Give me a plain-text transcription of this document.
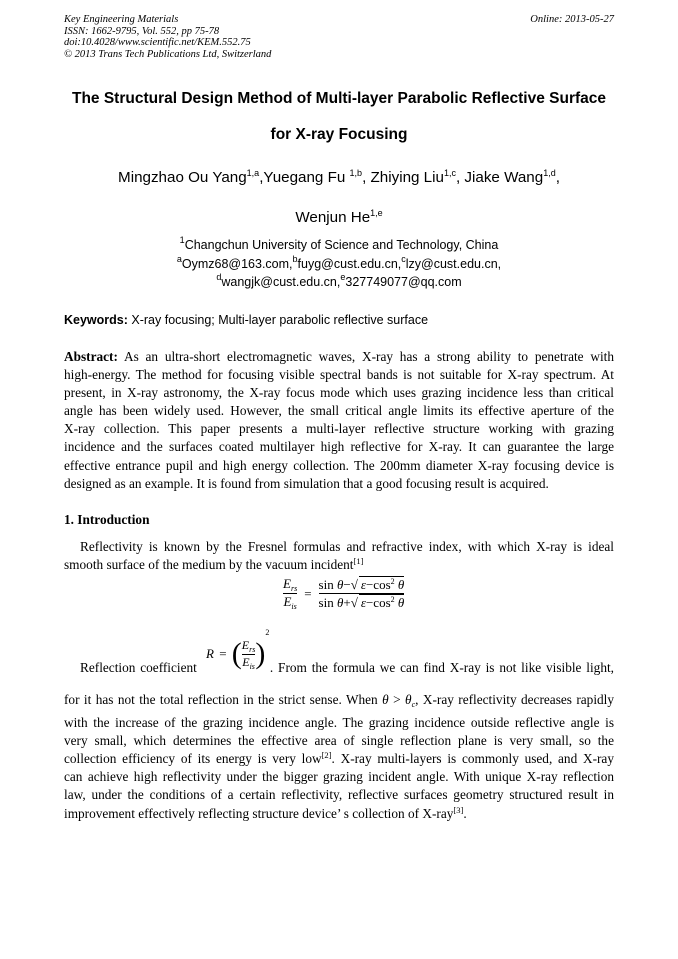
Key Engineering Materials
ISSN: 1662-9795, Vol. 552, pp 75-78
doi:10.4028/www.scientific.net/KEM.552.75
© 2013 Trans Tech Publications Ltd, Switzerland
Online: 2013-05-27
The Structural Design Method of Multi-layer Parabolic Reflective Surface
for X-ray Focusing
Mingzhao Ou Yang$^{1,a}$,Yuegang Fu $^{1,b}$, Zhiying Liu$^{1,c}$, Jiake Wang$^{1,d}$,
Wenjun He$^{1,e}$
$^1$Changchun University of Science and Technology, China
$^a$Oymz68@163.com,$^b$fuyg@cust.edu.cn,$^c$lzy@cust.edu.cn,
$^d$wangjk@cust.edu.cn,$^e$327749077@qq.com
Keywords: X-ray focusing; Multi-layer parabolic reflective surface
Abstract: As an ultra-short electromagnetic waves, X-ray has a strong ability to penetrate with
high-energy. The method for focusing visible spectral bands is not suitable for X-ray spectrum. At
present, in X-ray astronomy, the X-ray focus mode which uses grazing incidence less than critical
angle has been widely used. However, the small critical angle limits its effective aperture of the
X-ray collection. This paper presents a multi-layer reflective structure working with grazing
incidence and the surfaces coated multilayer high reflective for X-ray. It can guarantee the large
effective entrance pupil and high energy collection. The 200mm diameter X-ray focusing device is
designed as an example. It is found from simulation that a good focusing result is acquired.
1. Introduction
Reflectivity is known by the Fresnel formulas and refractive index, with which X-ray is ideal
smooth surface of the medium by the vacuum incident[1]
$\frac{E_{rs}}{E_{is}} = \frac{\sin \theta-√ \varepsilon-\cos^2 \theta}{\sin \theta+√ \varepsilon-\cos^2 \theta}$
R = ( $\frac{E_{rs}}{E_{is}} )^2$
Reflection coefficient	. From the formula we can find X-ray is not like visible light,
for it has not the total reflection in the strict sense. When $\theta > \theta_c$, X-ray reflectivity decreases rapidly
with the increase of the grazing incidence angle. The grazing incidence outside reflective angle is
very small, which determines the effective area of single reflection plane is very small, so the
collection efficiency of its energy is very low[2]. X-ray multi-layers is commonly used, and X-ray
can achieve high reflectivity under the bigger grazing incident angle. With unique X-ray reflection
law, under the conditions of a certain reflectivity, reflective surfaces geometry structured result in
improvement effectively reflecting structure device’ s collection of X-ray[3].
